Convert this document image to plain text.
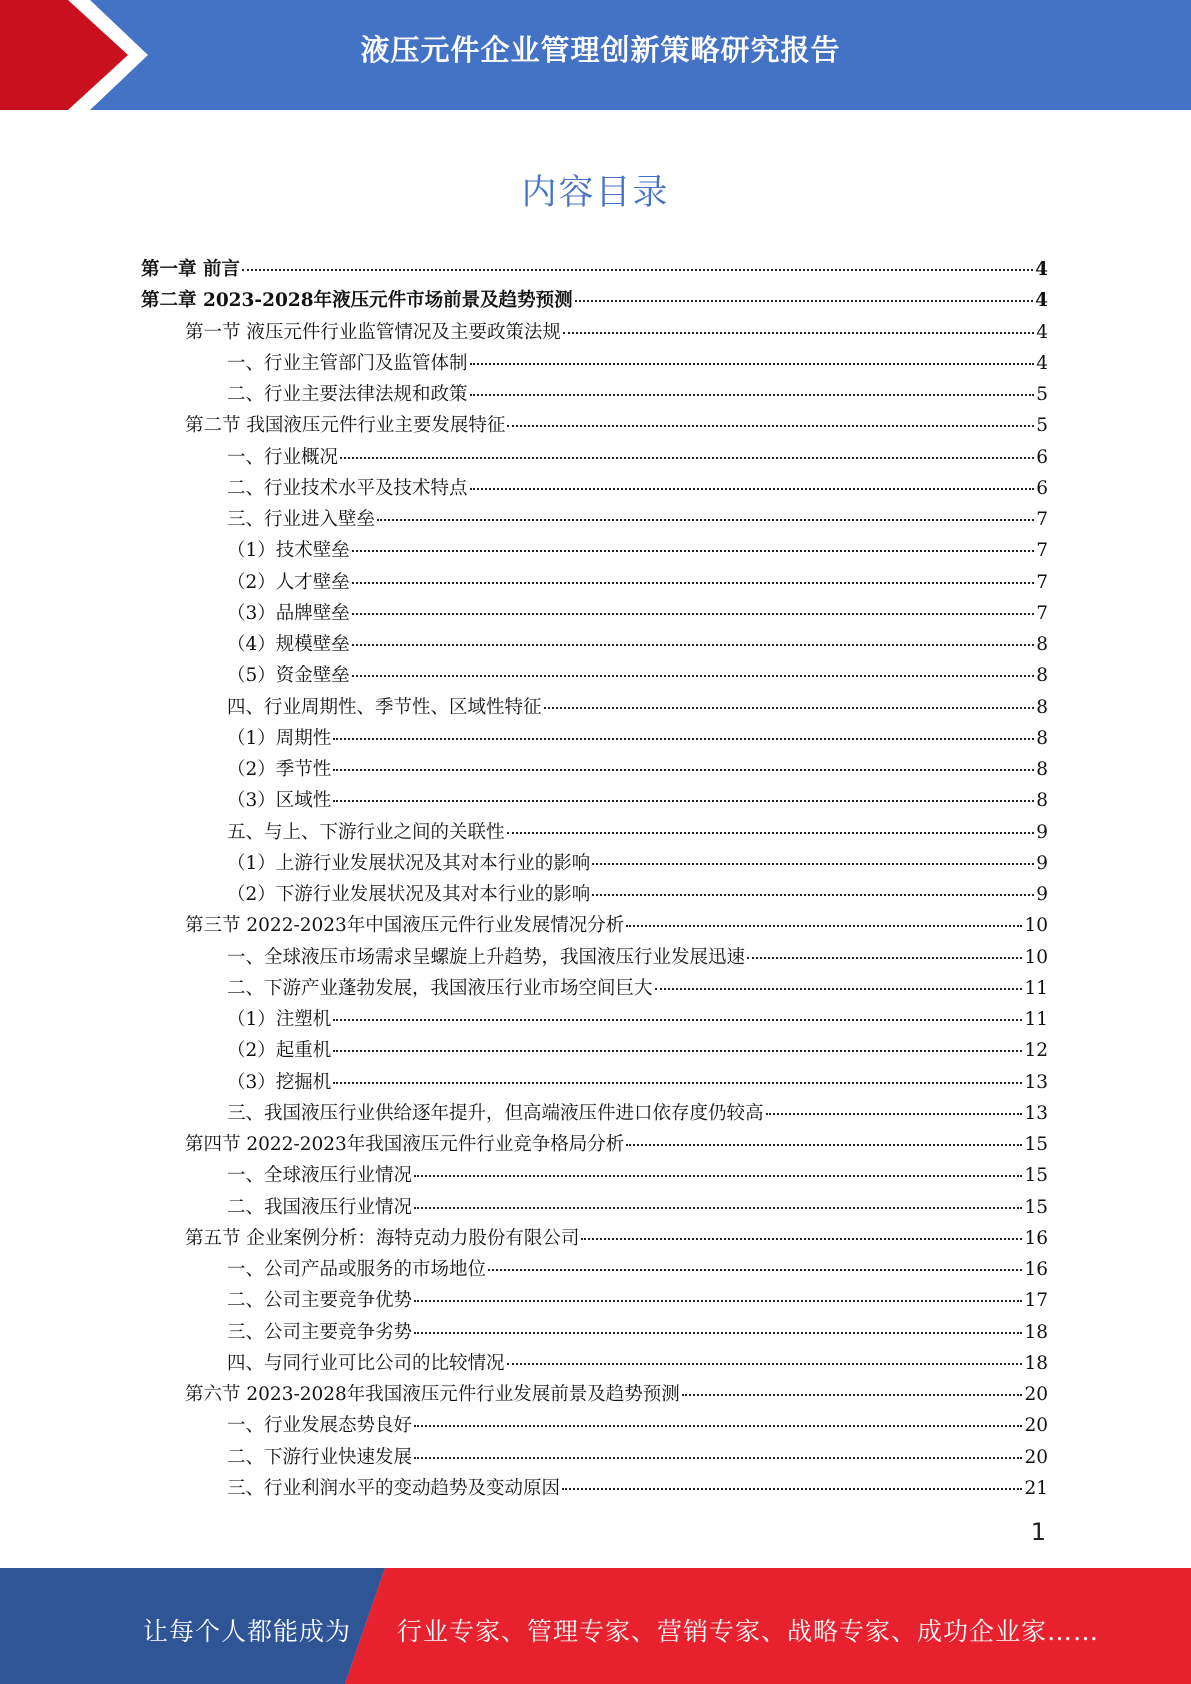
液压元件企业管理创新策略研究报告
内容目录
第一章 前言	4
第二章 2023-2028年液压元件市场前景及趋势预测	4
第一节 液压元件行业监管情况及主要政策法规	4
一、行业主管部门及监管体制	4
二、行业主要法律法规和政策	5
第二节 我国液压元件行业主要发展特征	5
一、行业概况	6
二、行业技术水平及技术特点	6
三、行业进入壁垒	7
（1）技术壁垒	7
（2）人才壁垒	7
（3）品牌壁垒	7
（4）规模壁垒	8
（5）资金壁垒	8
四、行业周期性、季节性、区域性特征	8
（1）周期性	8
（2）季节性	8
（3）区域性	8
五、与上、下游行业之间的关联性	9
（1）上游行业发展状况及其对本行业的影响	9
（2）下游行业发展状况及其对本行业的影响	9
第三节 2022-2023年中国液压元件行业发展情况分析	10
一、全球液压市场需求呈螺旋上升趋势，我国液压行业发展迅速	10
二、下游产业蓬勃发展，我国液压行业市场空间巨大	11
（1）注塑机	11
（2）起重机	12
（3）挖掘机	13
三、我国液压行业供给逐年提升，但高端液压件进口依存度仍较高	13
第四节 2022-2023年我国液压元件行业竞争格局分析	15
一、全球液压行业情况	15
二、我国液压行业情况	15
第五节 企业案例分析：海特克动力股份有限公司	16
一、公司产品或服务的市场地位	16
二、公司主要竞争优势	17
三、公司主要竞争劣势	18
四、与同行业可比公司的比较情况	18
第六节 2023-2028年我国液压元件行业发展前景及趋势预测	20
一、行业发展态势良好	20
二、下游行业快速发展	20
三、行业利润水平的变动趋势及变动原因	21
1
让每个人都能成为 行业专家、管理专家、营销专家、战略专家、成功企业家……
